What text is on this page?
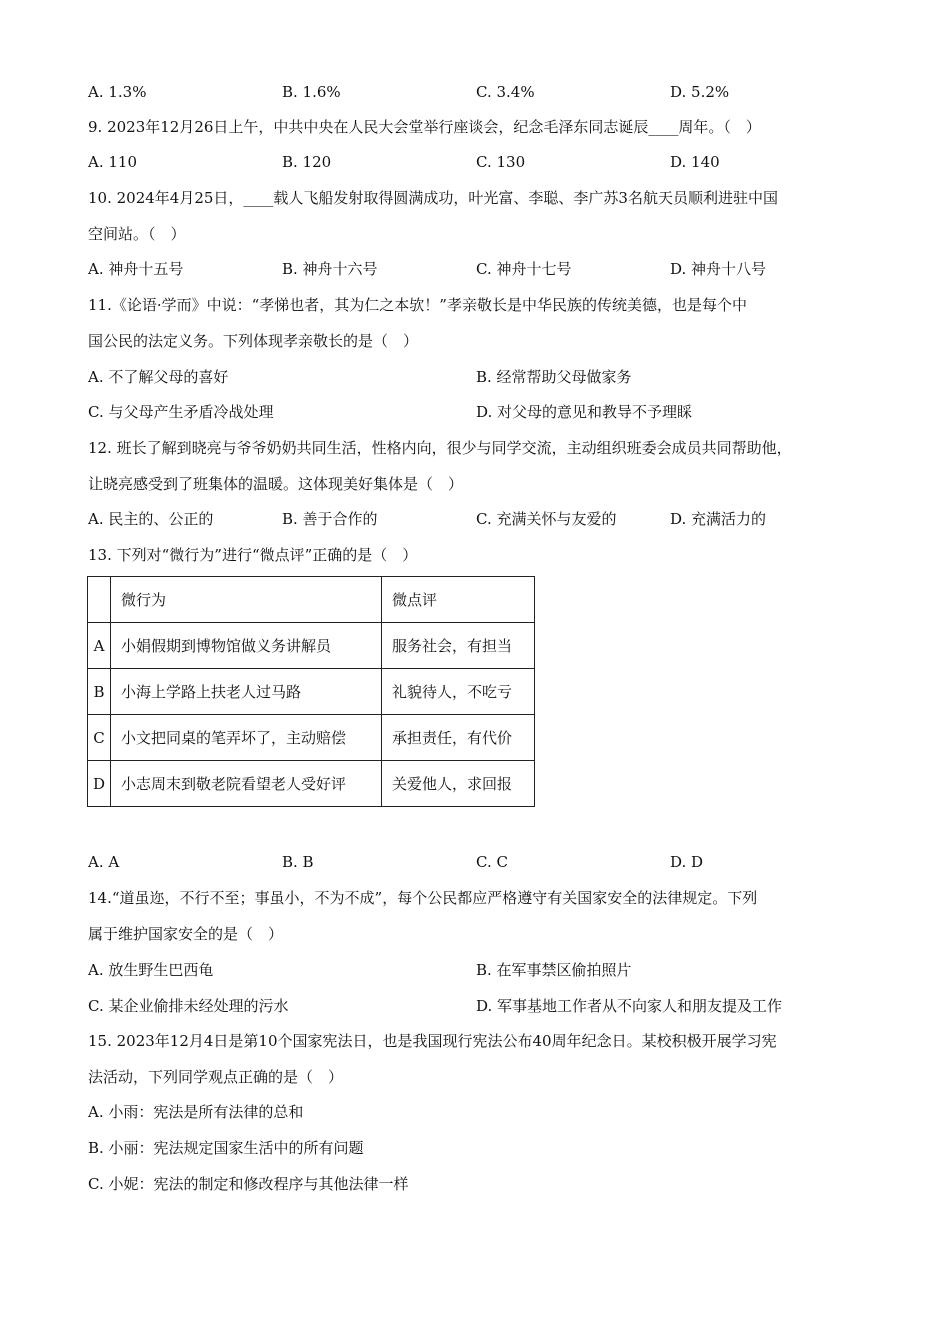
A. 1.3%	B. 1.6%	C. 3.4%	D. 5.2%
9. 2023年12月26日上午，中共中央在人民大会堂举行座谈会，纪念毛泽东同志诞辰____周年。（　）
A. 110	B. 120	C. 130	D. 140
10. 2024年4月25日，____载人飞船发射取得圆满成功，叶光富、李聪、李广苏3名航天员顺利进驻中国
空间站。（　）
A. 神舟十五号	B. 神舟十六号	C. 神舟十七号	D. 神舟十八号
11.《论语·学而》中说：“孝悌也者，其为仁之本欤！”孝亲敬长是中华民族的传统美德，也是每个中
国公民的法定义务。下列体现孝亲敬长的是（　）
A. 不了解父母的喜好	B. 经常帮助父母做家务
C. 与父母产生矛盾冷战处理	D. 对父母的意见和教导不予理睬
12. 班长了解到晓亮与爷爷奶奶共同生活，性格内向，很少与同学交流，主动组织班委会成员共同帮助他，
让晓亮感受到了班集体的温暖。这体现美好集体是（　）
A. 民主的、公正的	B. 善于合作的	C. 充满关怀与友爱的	D. 充满活力的
13. 下列对“微行为”进行“微点评”正确的是（　）
	微行为	微点评
A	小娟假期到博物馆做义务讲解员	服务社会，有担当
B	小海上学路上扶老人过马路	礼貌待人，不吃亏
C	小文把同桌的笔弄坏了，主动赔偿	承担责任，有代价
D	小志周末到敬老院看望老人受好评	关爱他人，求回报
A. A	B. B	C. C	D. D
14.“道虽迩，不行不至；事虽小，不为不成”，每个公民都应严格遵守有关国家安全的法律规定。下列
属于维护国家安全的是（　）
A. 放生野生巴西龟	B. 在军事禁区偷拍照片
C. 某企业偷排未经处理的污水	D. 军事基地工作者从不向家人和朋友提及工作
15. 2023年12月4日是第10个国家宪法日，也是我国现行宪法公布40周年纪念日。某校积极开展学习宪
法活动，下列同学观点正确的是（　）
A. 小雨：宪法是所有法律的总和
B. 小丽：宪法规定国家生活中的所有问题
C. 小妮：宪法的制定和修改程序与其他法律一样
